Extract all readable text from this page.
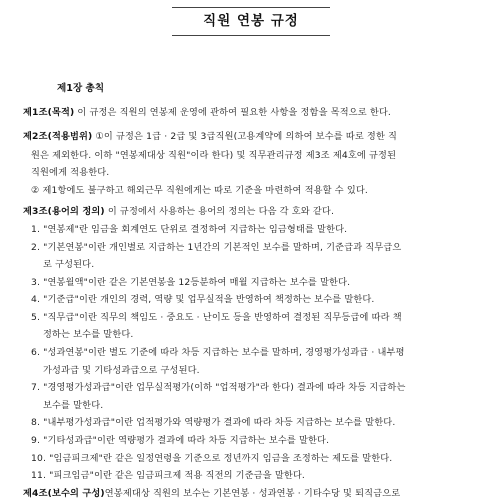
직원 연봉 규정
제1장 총칙
제1조(목적) 이 규정은 직원의 연봉제 운영에 관하여 필요한 사항을 정함을 목적으로 한다.
제2조(적용범위) ①이 규정은 1급 · 2급 및 3급직원(고용계약에 의하여 보수를 따로 정한 직
원은 제외한다. 이하 "연봉제대상 직원"이라 한다) 및 직무관리규정 제3조 제4호에 규정된
직원에게 적용한다.
② 제1항에도 불구하고 해외근무 직원에게는 따로 기준을 마련하여 적용할 수 있다.
제3조(용어의 정의) 이 규정에서 사용하는 용어의 정의는 다음 각 호와 같다.
1. "연봉제"란 임금을 회계연도 단위로 결정하여 지급하는 임금형태를 말한다.
2. "기본연봉"이란 개인별로 지급하는 1년간의 기본적인 보수를 말하며, 기준급과 직무급으
로 구성된다.
3. "연봉월액"이란 같은 기본연봉을 12등분하여 매월 지급하는 보수를 말한다.
4. "기준급"이란 개인의 경력, 역량 및 업무실적을 반영하여 책정하는 보수를 말한다.
5. "직무급"이란 직무의 책임도 · 중요도 · 난이도 등을 반영하여 결정된 직무등급에 따라 책
정하는 보수를 말한다.
6. "성과연봉"이란 별도 기준에 따라 차등 지급하는 보수를 말하며, 경영평가성과급 · 내부평
가성과급 및 기타성과급으로 구성된다.
7. "경영평가성과급"이란 업무실적평가(이하 "업적평가"라 한다) 결과에 따라 차등 지급하는
보수를 말한다.
8. "내부평가성과급"이란 업적평가와 역량평가 결과에 따라 차등 지급하는 보수를 말한다.
9. "기타성과급"이란 역량평가 결과에 따라 차등 지급하는 보수를 말한다.
10. "임금피크제"란 같은 일정연령을 기준으로 정년까지 임금을 조정하는 제도를 말한다.
11. "피크임금"이란 같은 임금피크제 적용 직전의 기준금을 말한다.
제4조(보수의 구성)연봉제대상 직원의 보수는 기본연봉 · 성과연봉 · 기타수당 및 퇴직금으로
